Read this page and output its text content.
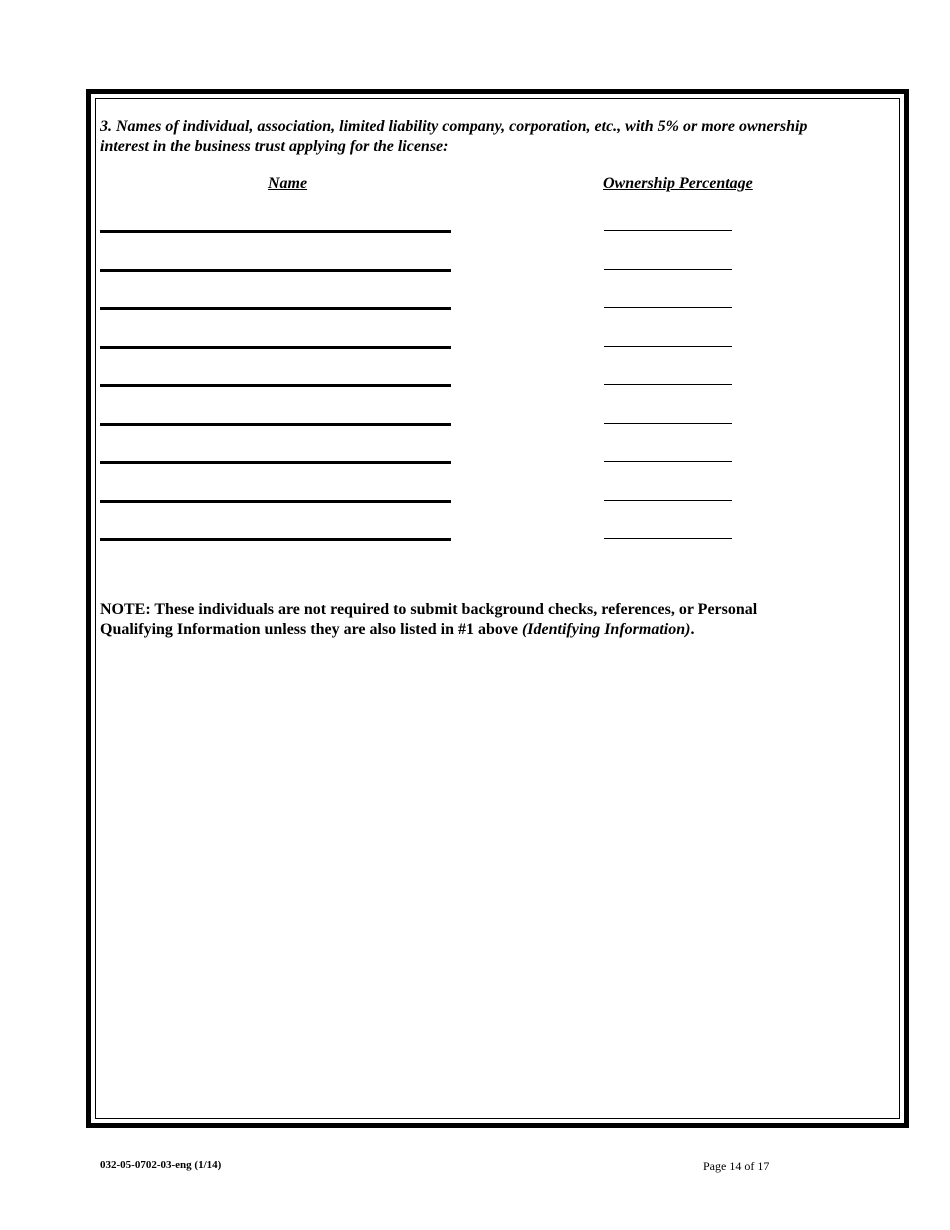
3. Names of individual, association, limited liability company, corporation, etc., with 5% or more ownership interest in the business trust applying for the license:
Name	Ownership Percentage
NOTE: These individuals are not required to submit background checks, references, or Personal Qualifying Information unless they are also listed in #1 above (Identifying Information).
032-05-0702-03-eng (1/14)	Page 14 of 17
